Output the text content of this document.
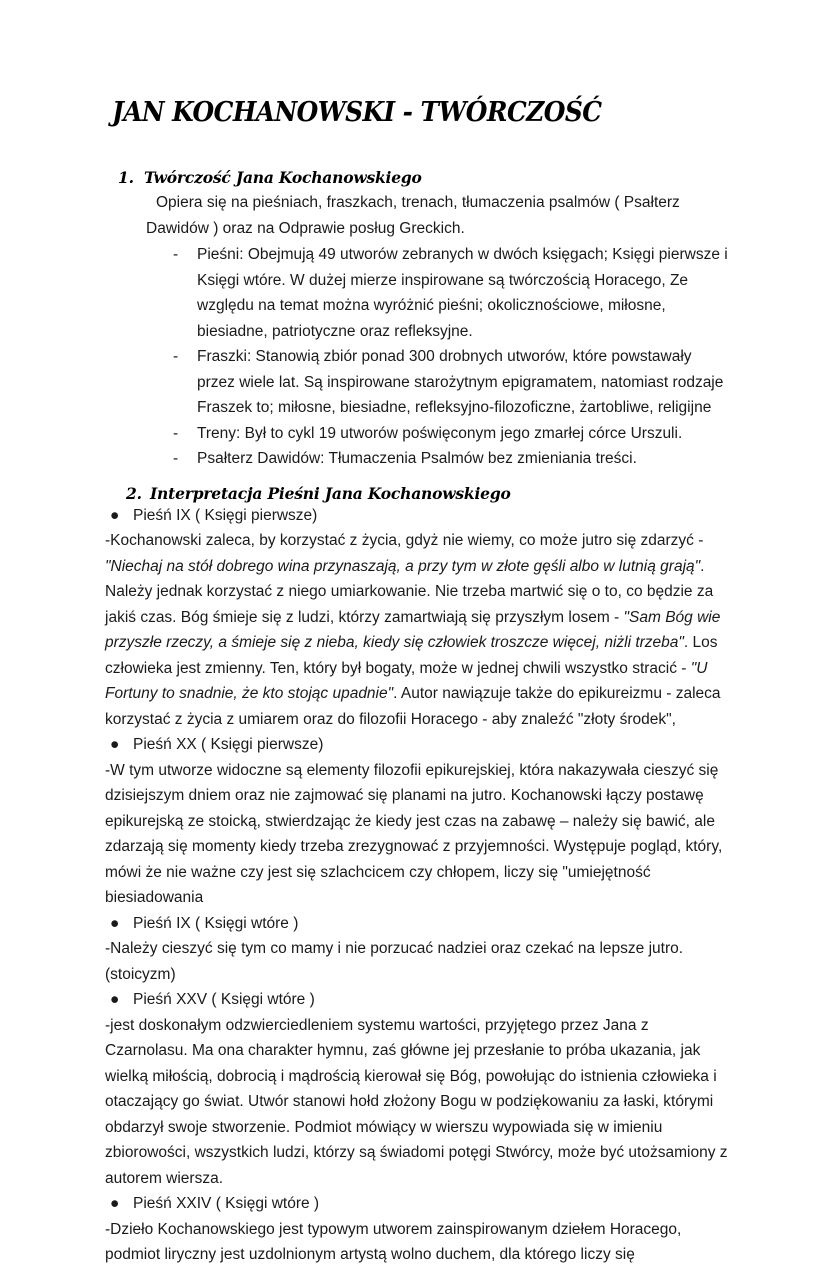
JAN KOCHANOWSKI - TWÓRCZOŚĆ
1. Twórczość Jana Kochanowskiego

Opiera się na pieśniach, fraszkach, trenach, tłumaczenia psalmów ( Psałterz Dawidów ) oraz na Odprawie posług Greckich.

- Pieśni: Obejmują 49 utworów zebranych w dwóch księgach; Księgi pierwsze i Księgi wtóre. W dużej mierze inspirowane są twórczością Horacego, Ze względu na temat można wyróżnić pieśni; okolicznościowe, miłosne, biesiadne, patriotyczne oraz refleksyjne.
- Fraszki: Stanowią zbiór ponad 300 drobnych utworów, które powstawały przez wiele lat. Są inspirowane starożytnym epigramatem, natomiast rodzaje Fraszek to; miłosne, biesiadne, refleksyjno-filozoficzne, żartobliwe, religijne
- Treny: Był to cykl 19 utworów poświęconym jego zmarłej córce Urszuli.
- Psałterz Dawidów: Tłumaczenia Psalmów bez zmieniania treści.
2. Interpretacja Pieśni Jana Kochanowskiego
● Pieśń IX ( Księgi pierwsze)

-Kochanowski zaleca, by korzystać z życia, gdyż nie wiemy, co może jutro się zdarzyć - "Niechaj na stół dobrego wina przynaszają, a przy tym w złote gęśli albo w lutnią grają". Należy jednak korzystać z niego umiarkowanie. Nie trzeba martwić się o to, co będzie za jakiś czas. Bóg śmieje się z ludzi, którzy zamartwiają się przyszłym losem - "Sam Bóg wie przyszłe rzeczy, a śmieje się z nieba, kiedy się człowiek troszcze więcej, niżli trzeba". Los człowieka jest zmienny. Ten, który był bogaty, może w jednej chwili wszystko stracić - "U Fortuny to snadnie, że kto stojąc upadnie". Autor nawiązuje także do epikureizmu - zaleca korzystać z życia z umiarem oraz do filozofii Horacego - aby znaleźć "złoty środek",

● Pieśń XX ( Księgi pierwsze)

-W tym utworze widoczne są elementy filozofii epikurejskiej, która nakazywała cieszyć się dzisiejszym dniem oraz nie zajmować się planami na jutro. Kochanowski łączy postawę epikurejską ze stoicką, stwierdzając że kiedy jest czas na zabawę – należy się bawić, ale zdarzają się momenty kiedy trzeba zrezygnować z przyjemności. Występuje pogląd, który, mówi że nie ważne czy jest się szlachcicem czy chłopem, liczy się "umiejętność biesiadowania

● Pieśń IX ( Księgi wtóre )

-Należy cieszyć się tym co mamy i nie porzucać nadziei oraz czekać na lepsze jutro. (stoicyzm)

● Pieśń XXV ( Księgi wtóre )

-jest doskonałym odzwierciedleniem systemu wartości, przyjętego przez Jana z Czarnolasu. Ma ona charakter hymnu, zaś główne jej przesłanie to próba ukazania, jak wielką miłością, dobrocią i mądrością kierował się Bóg, powołując do istnienia człowieka i otaczający go świat. Utwór stanowi hołd złożony Bogu w podziękowaniu za łaski, którymi obdarzył swoje stworzenie. Podmiot mówiący w wierszu wypowiada się w imieniu zbiorowości, wszystkich ludzi, którzy są świadomi potęgi Stwórcy, może być utożsamiony z autorem wiersza.

● Pieśń XXIV ( Księgi wtóre )

-Dzieło Kochanowskiego jest typowym utworem zainspirowanym dziełem Horacego, podmiot liryczny jest uzdolnionym artystą wolno duchem, dla którego liczy się
